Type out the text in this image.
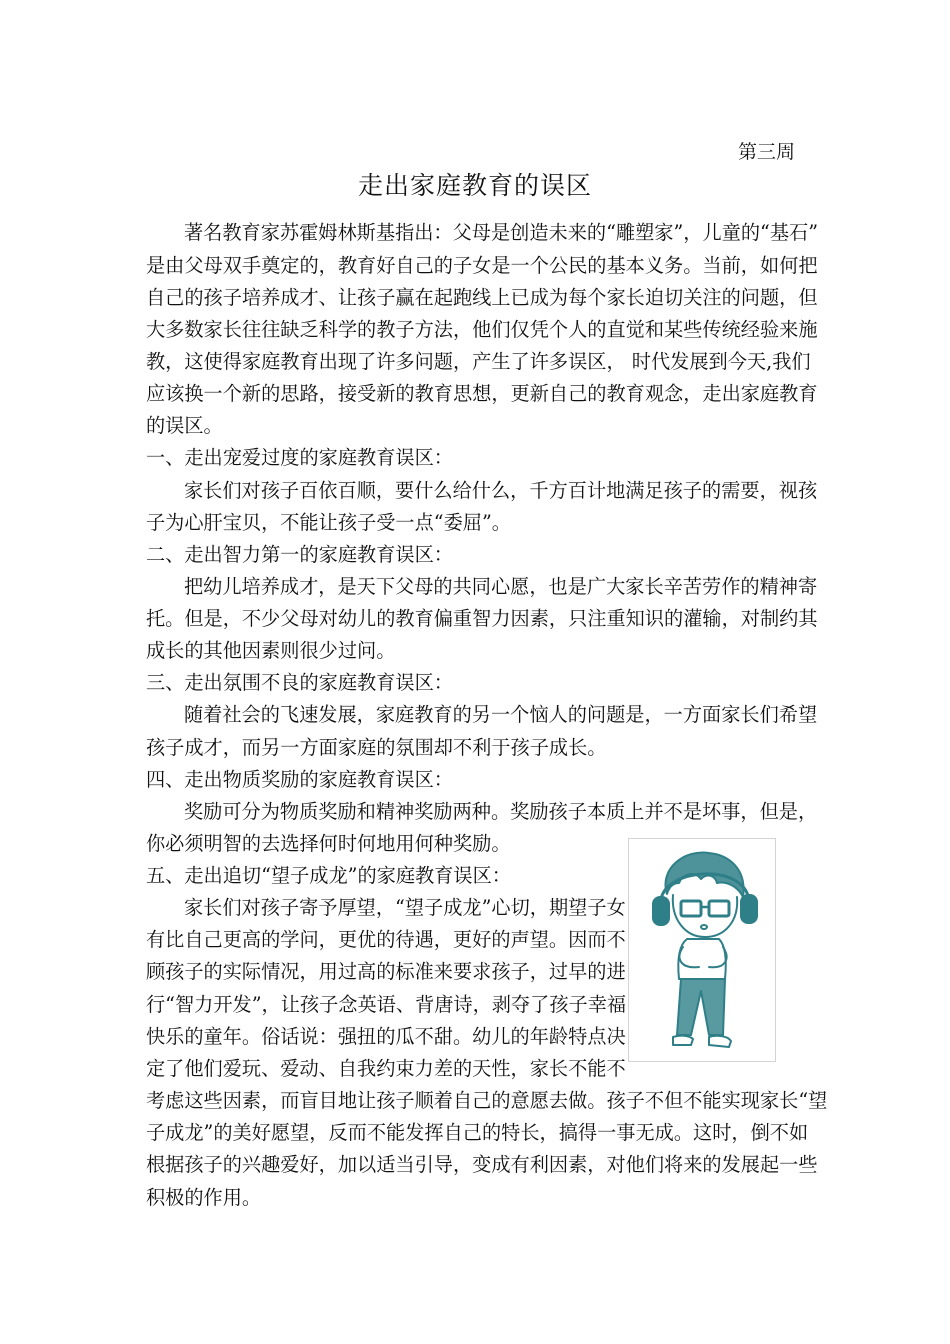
第三周
走出家庭教育的误区
著名教育家苏霍姆林斯基指出：父母是创造未来的“雕塑家”，儿童的“基石”
是由父母双手奠定的，教育好自己的子女是一个公民的基本义务。当前，如何把
自己的孩子培养成才、让孩子赢在起跑线上已成为每个家长迫切关注的问题，但
大多数家长往往缺乏科学的教子方法，他们仅凭个人的直觉和某些传统经验来施
教，这使得家庭教育出现了许多问题，产生了许多误区， 时代发展到今天,我们
应该换一个新的思路，接受新的教育思想，更新自己的教育观念，走出家庭教育
的误区。
一、走出宠爱过度的家庭教育误区：
家长们对孩子百依百顺，要什么给什么，千方百计地满足孩子的需要，视孩
子为心肝宝贝，不能让孩子受一点“委屈”。
二、走出智力第一的家庭教育误区：
把幼儿培养成才，是天下父母的共同心愿，也是广大家长辛苦劳作的精神寄
托。但是，不少父母对幼儿的教育偏重智力因素，只注重知识的灌输，对制约其
成长的其他因素则很少过问。
三、走出氛围不良的家庭教育误区：
随着社会的飞速发展，家庭教育的另一个恼人的问题是，一方面家长们希望
孩子成才，而另一方面家庭的氛围却不利于孩子成长。
四、走出物质奖励的家庭教育误区：
奖励可分为物质奖励和精神奖励两种。奖励孩子本质上并不是坏事，但是，
你必须明智的去选择何时何地用何种奖励。
五、走出追切“望子成龙”的家庭教育误区：
家长们对孩子寄予厚望，“望子成龙”心切，期望子女
有比自己更高的学问，更优的待遇，更好的声望。因而不
顾孩子的实际情况，用过高的标准来要求孩子，过早的进
行“智力开发”，让孩子念英语、背唐诗，剥夺了孩子幸福
快乐的童年。俗话说：强扭的瓜不甜。幼儿的年龄特点决
定了他们爱玩、爱动、自我约束力差的天性，家长不能不
考虑这些因素，而盲目地让孩子顺着自己的意愿去做。孩子不但不能实现家长“望
子成龙”的美好愿望，反而不能发挥自己的特长，搞得一事无成。这时，倒不如
根据孩子的兴趣爱好，加以适当引导，变成有利因素，对他们将来的发展起一些
积极的作用。
